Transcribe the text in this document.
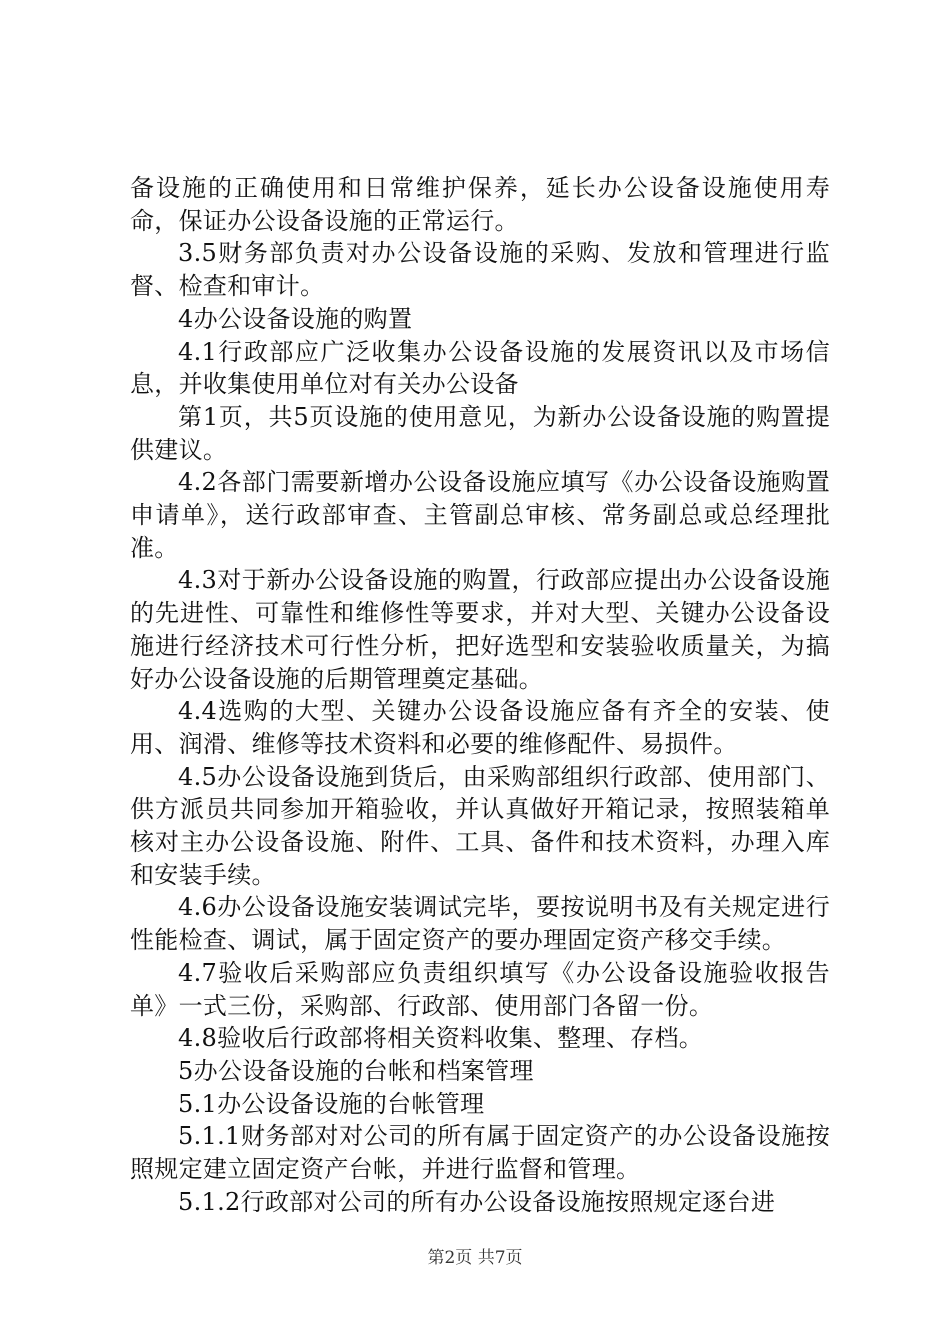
备设施的正确使用和日常维护保养，延长办公设备设施使用寿命，保证办公设备设施的正常运行。

3.5财务部负责对办公设备设施的采购、发放和管理进行监督、检查和审计。

4办公设备设施的购置

4.1行政部应广泛收集办公设备设施的发展资讯以及市场信息，并收集使用单位对有关办公设备

第1页，共5页设施的使用意见，为新办公设备设施的购置提供建议。

4.2各部门需要新增办公设备设施应填写《办公设备设施购置申请单》，送行政部审查、主管副总审核、常务副总或总经理批准。

4.3对于新办公设备设施的购置，行政部应提出办公设备设施的先进性、可靠性和维修性等要求，并对大型、关键办公设备设施进行经济技术可行性分析，把好选型和安装验收质量关，为搞好办公设备设施的后期管理奠定基础。

4.4选购的大型、关键办公设备设施应备有齐全的安装、使用、润滑、维修等技术资料和必要的维修配件、易损件。

4.5办公设备设施到货后，由采购部组织行政部、使用部门、供方派员共同参加开箱验收，并认真做好开箱记录，按照装箱单核对主办公设备设施、附件、工具、备件和技术资料，办理入库和安装手续。

4.6办公设备设施安装调试完毕，要按说明书及有关规定进行性能检查、调试，属于固定资产的要办理固定资产移交手续。

4.7验收后采购部应负责组织填写《办公设备设施验收报告单》一式三份，采购部、行政部、使用部门各留一份。

4.8验收后行政部将相关资料收集、整理、存档。

5办公设备设施的台帐和档案管理

5.1办公设备设施的台帐管理

5.1.1财务部对对公司的所有属于固定资产的办公设备设施按照规定建立固定资产台帐，并进行监督和管理。

5.1.2行政部对公司的所有办公设备设施按照规定逐台进

第2页 共7页
